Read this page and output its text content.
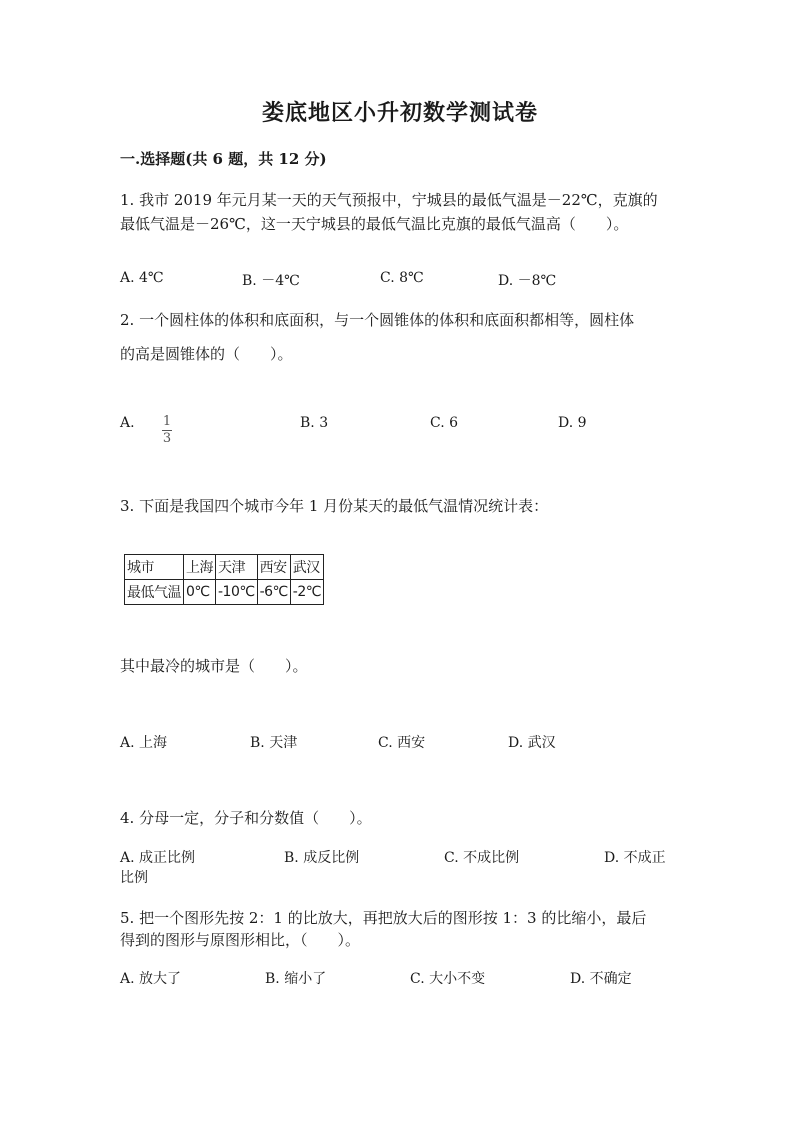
娄底地区小升初数学测试卷
一.选择题(共 6 题，共 12 分)
1. 我市 2019 年元月某一天的天气预报中，宁城县的最低气温是－22℃，克旗的
最低气温是－26℃，这一天宁城县的最低气温比克旗的最低气温高（　　）。
A. 4℃	B. －4℃	C. 8℃	D. －8℃
2. 一个圆柱体的体积和底面积，与一个圆锥体的体积和底面积都相等，圆柱体
的高是圆锥体的（　　）。
A. $\frac{1}{3}$	B. 3	C. 6	D. 9
3. 下面是我国四个城市今年 1 月份某天的最低气温情况统计表：
城市	上海	天津	西安	武汉
最低气温	0℃	-10℃	-6℃	-2℃
其中最冷的城市是（　　）。
A. 上海	B. 天津	C. 西安	D. 武汉
4. 分母一定，分子和分数值（　　）。
A. 成正比例	B. 成反比例	C. 不成比例	D. 不成正
比例
5. 把一个图形先按 2：1 的比放大，再把放大后的图形按 1：3 的比缩小，最后
得到的图形与原图形相比，（　　）。
A. 放大了	B. 缩小了	C. 大小不变	D. 不确定
